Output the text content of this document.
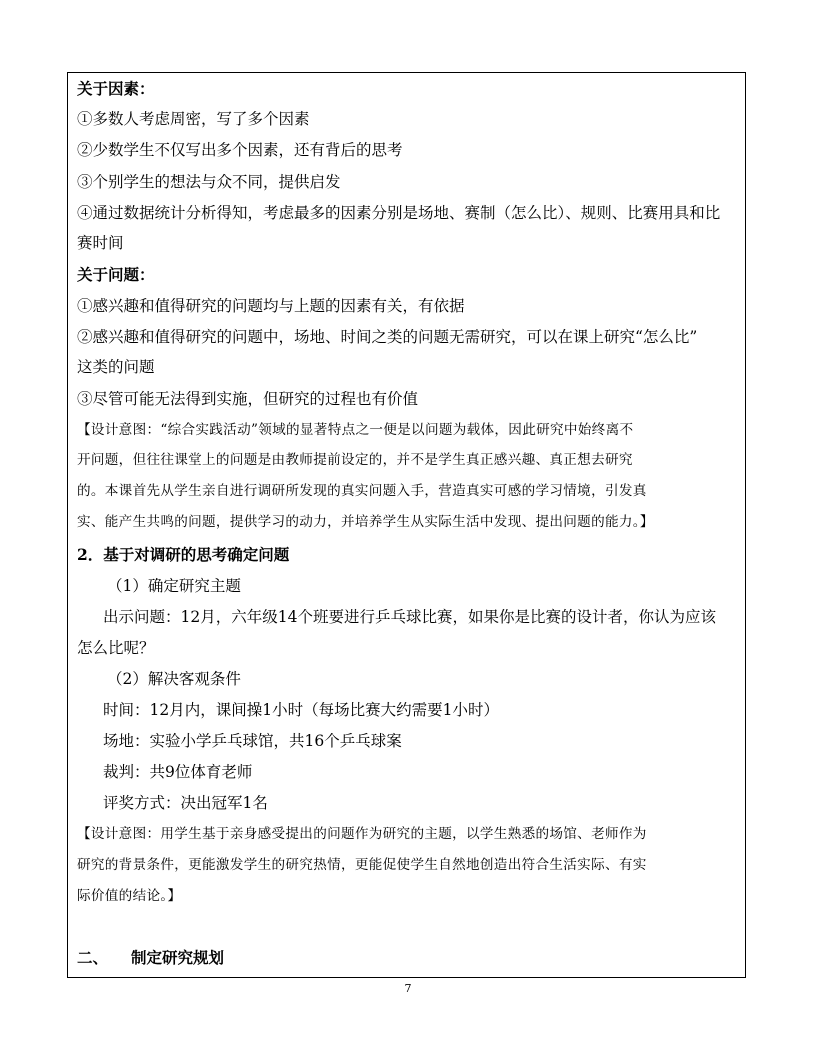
关于因素：
①多数人考虑周密，写了多个因素
②少数学生不仅写出多个因素，还有背后的思考
③个别学生的想法与众不同，提供启发
④通过数据统计分析得知，考虑最多的因素分别是场地、赛制（怎么比）、规则、比赛用具和比
赛时间
关于问题：
①感兴趣和值得研究的问题均与上题的因素有关，有依据
②感兴趣和值得研究的问题中，场地、时间之类的问题无需研究，可以在课上研究“怎么比”
这类的问题
③尽管可能无法得到实施，但研究的过程也有价值
【设计意图：“综合实践活动”领域的显著特点之一便是以问题为载体，因此研究中始终离不
开问题，但往往课堂上的问题是由教师提前设定的，并不是学生真正感兴趣、真正想去研究
的。本课首先从学生亲自进行调研所发现的真实问题入手，营造真实可感的学习情境，引发真
实、能产生共鸣的问题，提供学习的动力，并培养学生从实际生活中发现、提出问题的能力。】
2．基于对调研的思考确定问题
（1）确定研究主题
出示问题：12月，六年级14个班要进行乒乓球比赛，如果你是比赛的设计者，你认为应该
怎么比呢？
（2）解决客观条件
时间：12月内，课间操1小时（每场比赛大约需要1小时）
场地：实验小学乒乓球馆，共16个乒乓球案
裁判：共9位体育老师
评奖方式：决出冠军1名
【设计意图：用学生基于亲身感受提出的问题作为研究的主题，以学生熟悉的场馆、老师作为
研究的背景条件，更能激发学生的研究热情，更能促使学生自然地创造出符合生活实际、有实
际价值的结论。】
二、 制定研究规划
7
